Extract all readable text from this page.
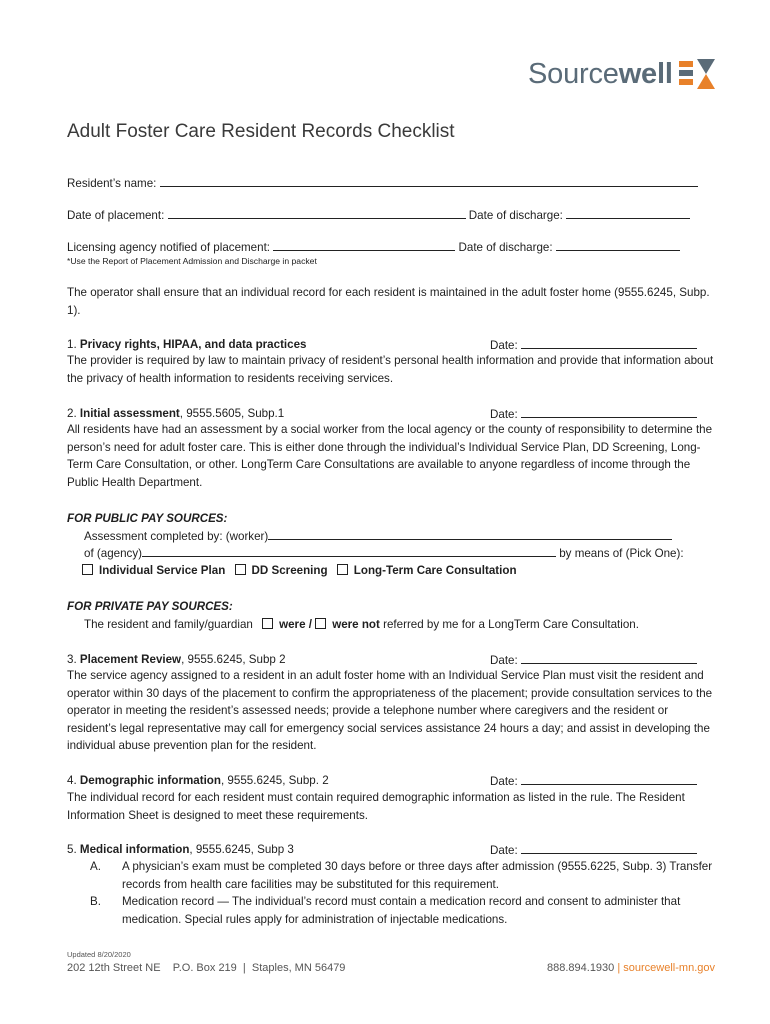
Sourcewell
Adult Foster Care Resident Records Checklist
Resident’s name:
Date of placement:	Date of discharge:
Licensing agency notified of placement:	Date of discharge:
*Use the Report of Placement Admission and Discharge in packet
The operator shall ensure that an individual record for each resident is maintained in the adult foster home (9555.6245, Subp. 1).
1. Privacy rights, HIPAA, and data practices	Date:
The provider is required by law to maintain privacy of resident’s personal health information and provide that information about the privacy of health information to residents receiving services.
2. Initial assessment, 9555.5605, Subp.1	Date:
All residents have had an assessment by a social worker from the local agency or the county of responsibility to determine the person’s need for adult foster care. This is either done through the individual’s Individual Service Plan, DD Screening, Long-Term Care Consultation, or other. LongTerm Care Consultations are available to anyone regardless of income through the Public Health Department.
FOR PUBLIC PAY SOURCES:
Assessment completed by: (worker)
of (agency)	by means of (Pick One):
Individual Service Plan DD Screening Long-Term Care Consultation
FOR PRIVATE PAY SOURCES:
The resident and family/guardian were / were not referred by me for a LongTerm Care Consultation.
3. Placement Review, 9555.6245, Subp 2	Date:
The service agency assigned to a resident in an adult foster home with an Individual Service Plan must visit the resident and operator within 30 days of the placement to confirm the appropriateness of the placement; provide consultation services to the operator in meeting the resident’s assessed needs; provide a telephone number where caregivers and the resident or resident’s legal representative may call for emergency social services assistance 24 hours a day; and assist in developing the individual abuse prevention plan for the resident.
4. Demographic information, 9555.6245, Subp. 2	Date:
The individual record for each resident must contain required demographic information as listed in the rule. The Resident Information Sheet is designed to meet these requirements.
5. Medical information, 9555.6245, Subp 3	Date:
A.	A physician’s exam must be completed 30 days before or three days after admission (9555.6225, Subp. 3) Transfer records from health care facilities may be substituted for this requirement.
B.	Medication record — The individual’s record must contain a medication record and consent to administer that medication. Special rules apply for administration of injectable medications.
Updated 8/20/2020
202 12th Street NE    P.O. Box 219  |  Staples, MN 56479	888.894.1930 | sourcewell-mn.gov
